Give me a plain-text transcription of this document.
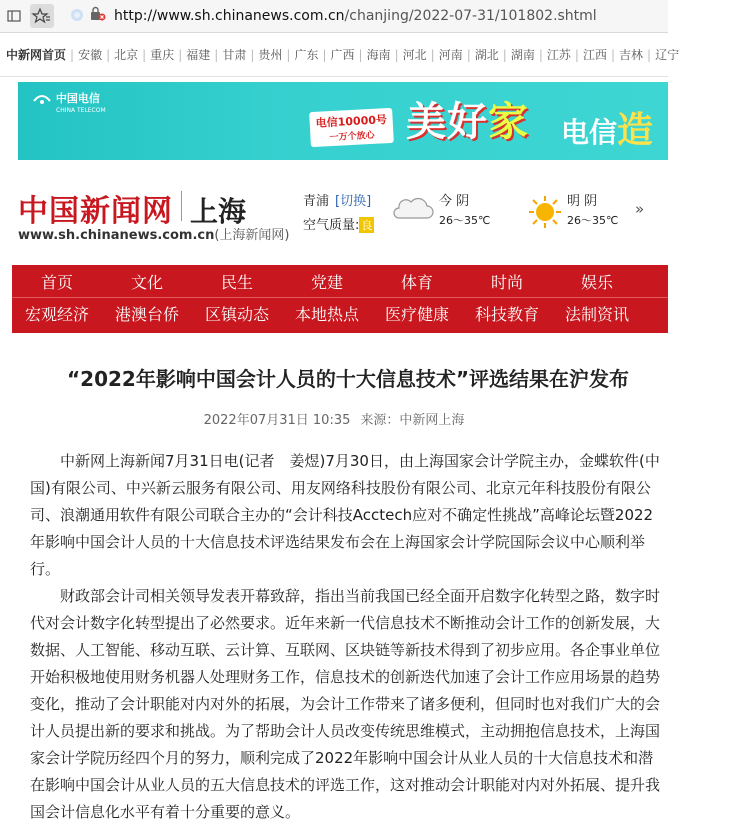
http://www.sh.chinanews.com.cn/chanjing/2022-07-31/101802.shtml
中新网首页 | 安徽 | 北京 | 重庆 | 福建 | 甘肃 | 贵州 | 广东 | 广西 | 海南 | 河北 | 河南 | 湖北 | 湖南 | 江苏 | 江西 | 吉林 | 辽宁
中国电信
CHINA TELECOM
电信10000号
一万个放心 美好家 电信造
中国新闻网 上海
www.sh.chinanews.com.cn(上海新闻网)
青浦 [切换]
空气质量: 良
今 阴
26～35℃
明 阴
26～35℃
»
首页	文化	民生	党建	体育	时尚	娱乐
宏观经济	港澳台侨	区镇动态	本地热点	医疗健康	科技教育	法制资讯	商
“2022年影响中国会计人员的十大信息技术”评选结果在沪发布
2022年07月31日 10:35 来源：中新网上海

中新网上海新闻7月31日电(记者　姜煜)7月30日，由上海国家会计学院主办，金蝶软件(中国)有限公司、中兴新云服务有限公司、用友网络科技股份有限公司、北京元年科技股份有限公司、浪潮通用软件有限公司联合主办的“会计科技Acctech应对不确定性挑战”高峰论坛暨2022年影响中国会计人员的十大信息技术评选结果发布会在上海国家会计学院国际会议中心顺利举行。

财政部会计司相关领导发表开幕致辞，指出当前我国已经全面开启数字化转型之路，数字时代对会计数字化转型提出了必然要求。近年来新一代信息技术不断推动会计工作的创新发展，大数据、人工智能、移动互联、云计算、互联网、区块链等新技术得到了初步应用。各企事业单位开始积极地使用财务机器人处理财务工作，信息技术的创新迭代加速了会计工作应用场景的趋势变化，推动了会计职能对内对外的拓展，为会计工作带来了诸多便利，但同时也对我们广大的会计人员提出新的要求和挑战。为了帮助会计人员改变传统思维模式，主动拥抱信息技术，上海国家会计学院历经四个月的努力，顺利完成了2022年影响中国会计从业人员的十大信息技术和潜在影响中国会计从业人员的五大信息技术的评选工作，这对推动会计职能对内对外拓展、提升我国会计信息化水平有着十分重要的意义。
